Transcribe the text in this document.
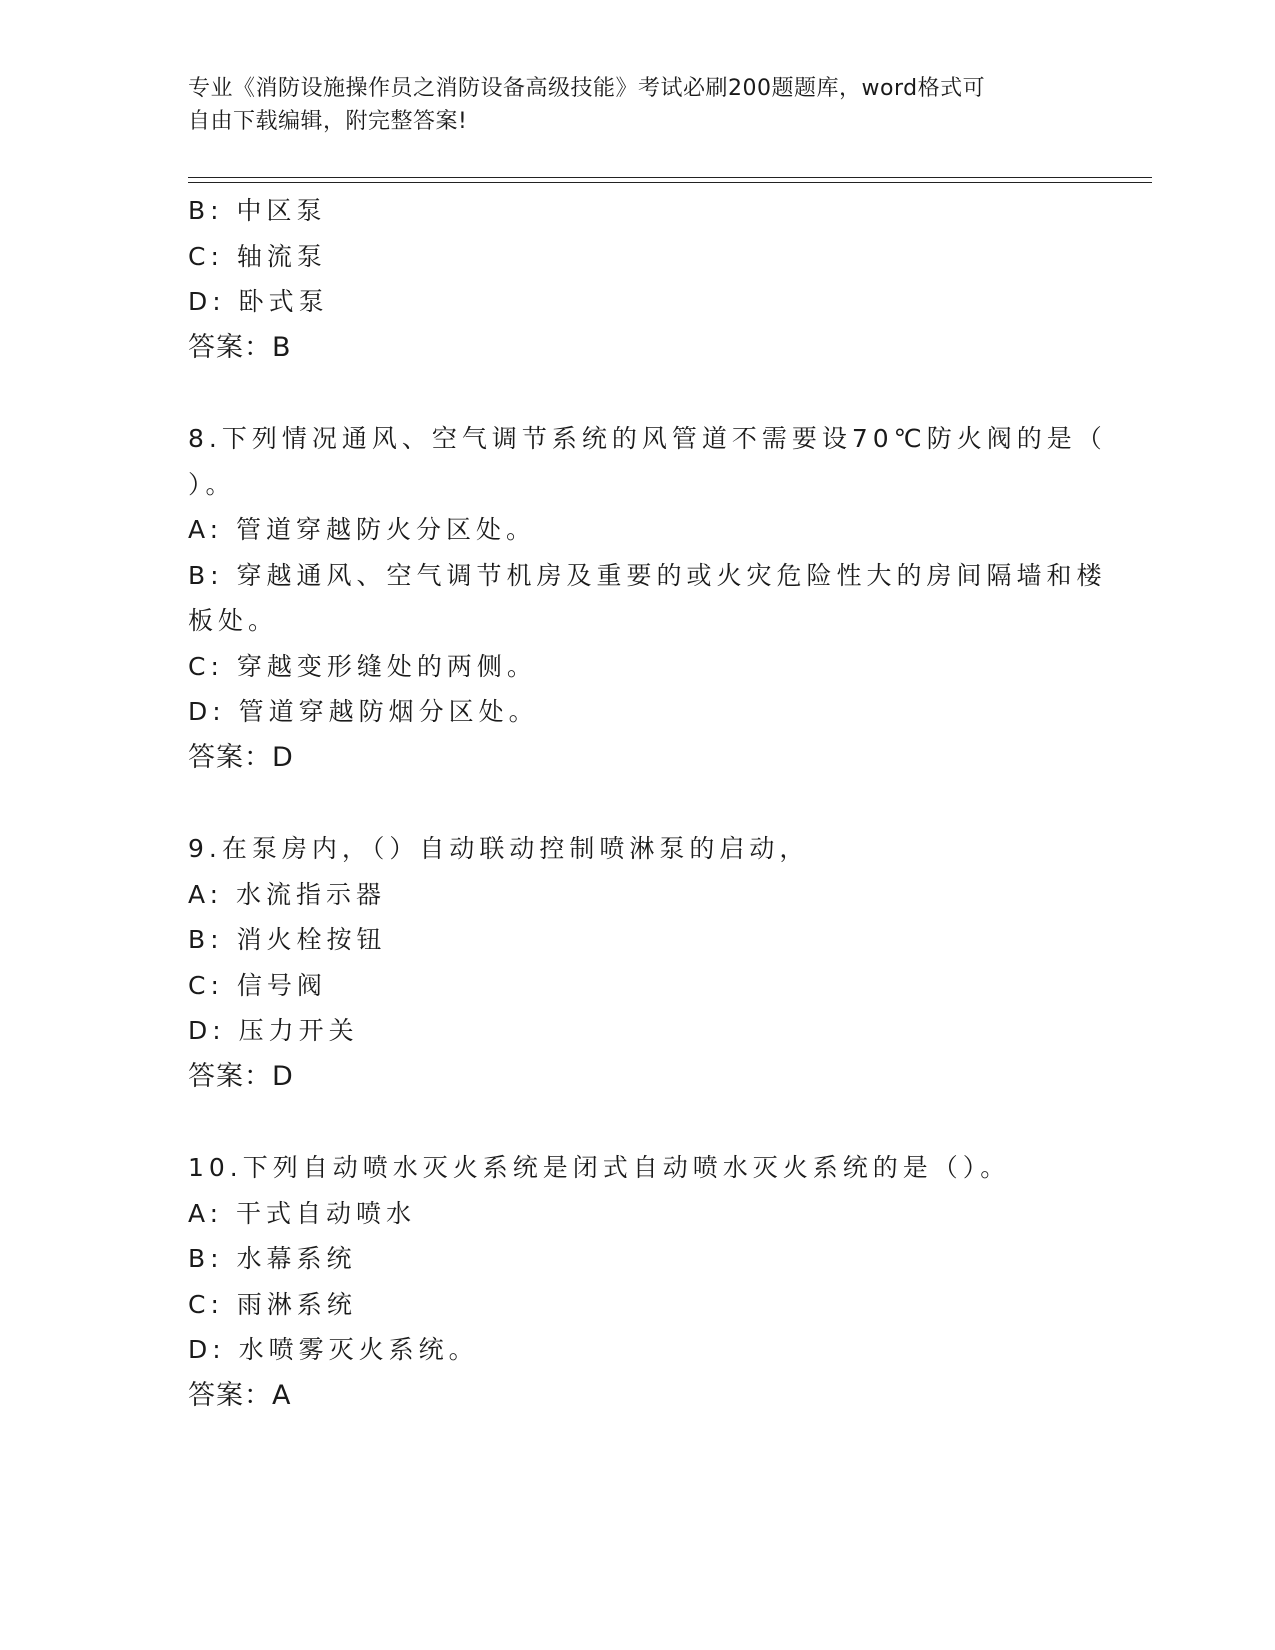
专业《消防设施操作员之消防设备高级技能》考试必刷200题题库，word格式可
自由下载编辑，附完整答案!
B: 中区泵
C: 轴流泵
D: 卧式泵
答案：B
8.下列情况通风、空气调节系统的风管道不需要设70℃防火阀的是（
）。
A: 管道穿越防火分区处。
B: 穿越通风、空气调节机房及重要的或火灾危险性大的房间隔墙和楼
板处。
C: 穿越变形缝处的两侧。
D: 管道穿越防烟分区处。
答案：D
9.在泵房内，（）自动联动控制喷淋泵的启动，
A: 水流指示器
B: 消火栓按钮
C: 信号阀
D: 压力开关
答案：D
10.下列自动喷水灭火系统是闭式自动喷水灭火系统的是（）。
A: 干式自动喷水
B: 水幕系统
C: 雨淋系统
D: 水喷雾灭火系统。
答案：A
